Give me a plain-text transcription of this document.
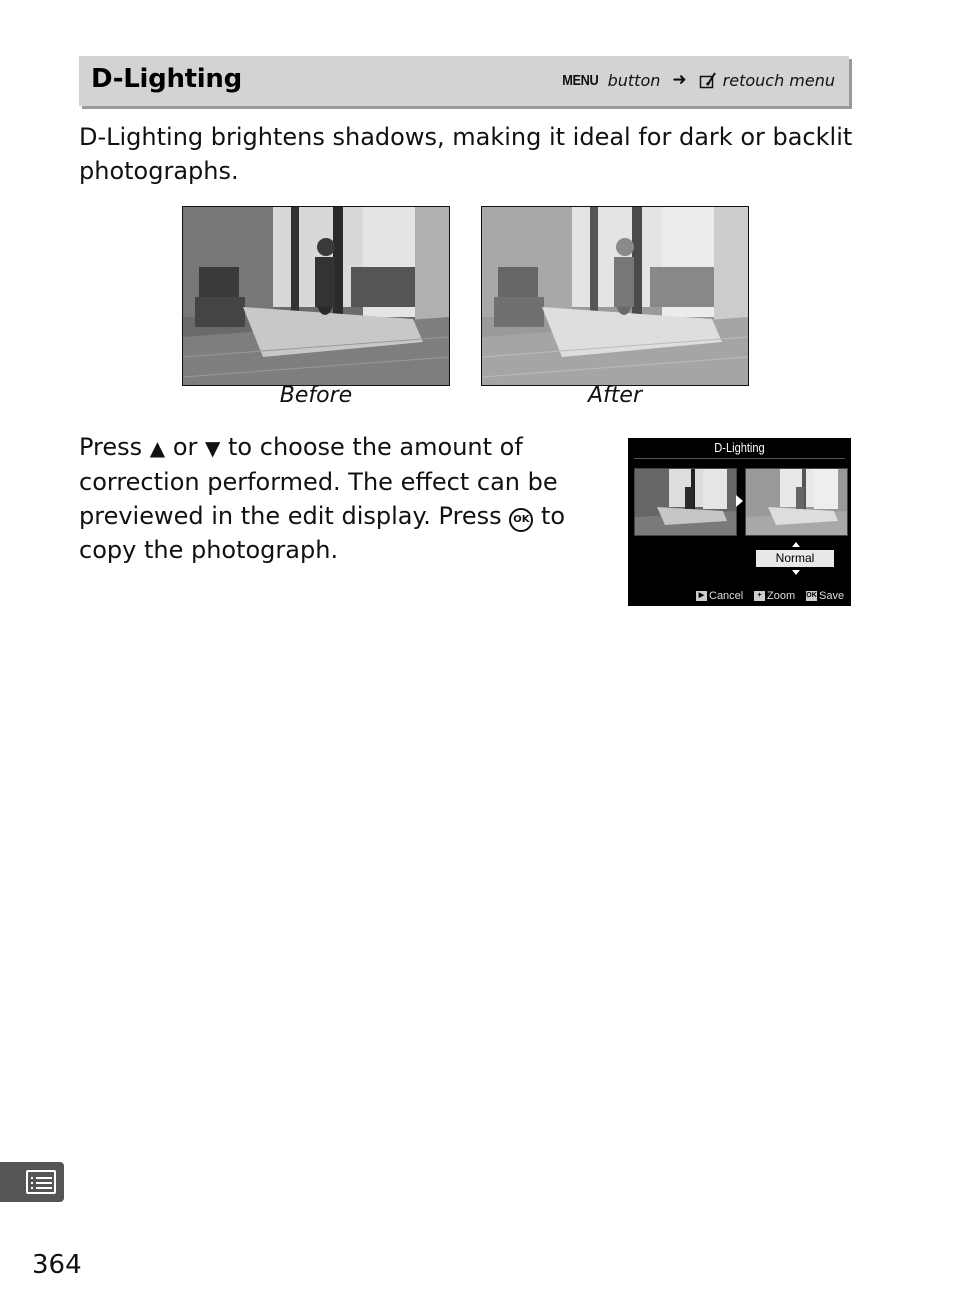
D-Lighting	MENU button ➜ retouch menu
D-Lighting brightens shadows, making it ideal for dark or backlit photographs.
Before	After
Press ▲ or ▼ to choose the amount of correction performed. The effect can be previewed in the edit display. Press OK to copy the photograph.
D-Lighting
Normal
▶ Cancel	+ Zoom OK Save
364
